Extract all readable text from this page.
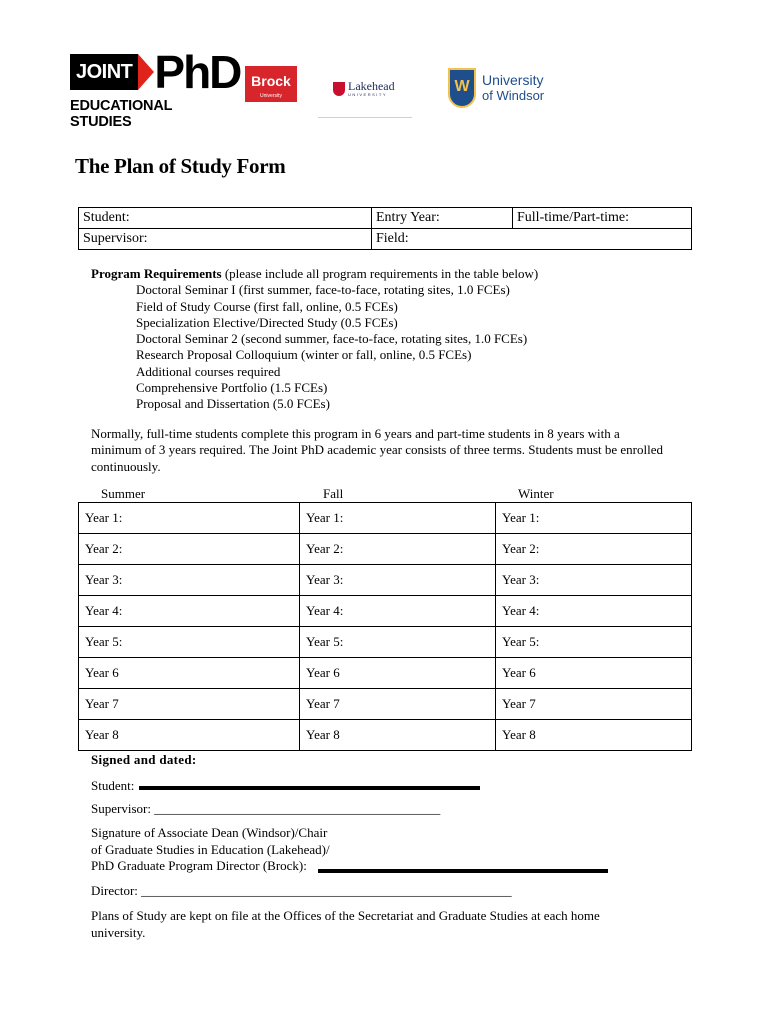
JOINT PhD
EDUCATIONAL STUDIES
Brock
University
Lakehead
UNIVERSITY	W University
of Windsor
The Plan of Study Form
Student:	Entry Year:	Full-time/Part-time:
Supervisor:	Field:	
Program Requirements (please include all program requirements in the table below)
Doctoral Seminar I (first summer, face-to-face, rotating sites, 1.0 FCEs)
Field of Study Course (first fall, online, 0.5 FCEs)
Specialization Elective/Directed Study (0.5 FCEs)
Doctoral Seminar 2 (second summer, face-to-face, rotating sites, 1.0 FCEs)
Research Proposal Colloquium (winter or fall, online, 0.5 FCEs)
Additional courses required
Comprehensive Portfolio (1.5 FCEs)
Proposal and Dissertation (5.0 FCEs)
Normally, full-time students complete this program in 6 years and part-time students in 8 years with a minimum of 3 years required. The Joint PhD academic year consists of three terms. Students must be enrolled continuously.
Summer	Fall	Winter
Year 1:	Year 1:	Year 1:
Year 2:	Year 2:	Year 2:
Year 3:	Year 3:	Year 3:
Year 4:	Year 4:	Year 4:
Year 5:	Year 5:	Year 5:
Year 6	Year 6	Year 6
Year 7	Year 7	Year 7
Year 8	Year 8	Year 8
Signed and dated:
Student:
Supervisor: ____________________________________________
Signature of Associate Dean (Windsor)/Chair
of Graduate Studies in Education (Lakehead)/
PhD Graduate Program Director (Brock):
Director: _________________________________________________________
Plans of Study are kept on file at the Offices of the Secretariat and Graduate Studies at each home university.
